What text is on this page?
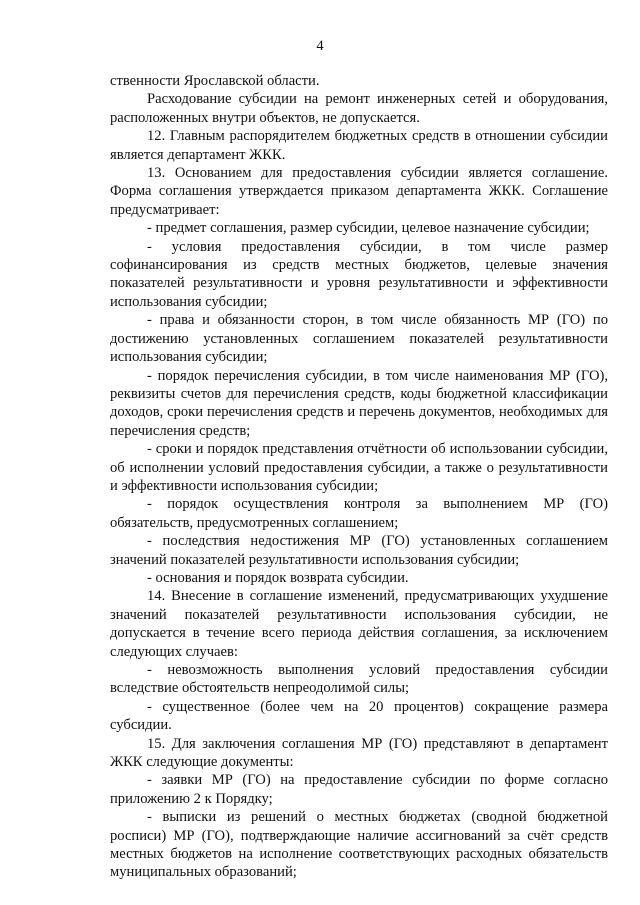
4

ственности Ярославской области.

Расходование субсидии на ремонт инженерных сетей и оборудования, расположенных внутри объектов, не допускается.

12. Главным распорядителем бюджетных средств в отношении субсидии является департамент ЖКК.

13. Основанием для предоставления субсидии является соглашение. Форма соглашения утверждается приказом департамента ЖКК. Соглашение предусматривает:

- предмет соглашения, размер субсидии, целевое назначение субсидии;

- условия предоставления субсидии, в том числе размер софинансирования из средств местных бюджетов, целевые значения показателей результативности и уровня результативности и эффективности использования субсидии;

- права и обязанности сторон, в том числе обязанность МР (ГО) по достижению установленных соглашением показателей результативности использования субсидии;

- порядок перечисления субсидии, в том числе наименования МР (ГО), реквизиты счетов для перечисления средств, коды бюджетной классификации доходов, сроки перечисления средств и перечень документов, необходимых для перечисления средств;

- сроки и порядок представления отчётности об использовании субсидии, об исполнении условий предоставления субсидии, а также о результативности и эффективности использования субсидии;

- порядок осуществления контроля за выполнением МР (ГО) обязательств, предусмотренных соглашением;

- последствия недостижения МР (ГО) установленных соглашением значений показателей результативности использования субсидии;

- основания и порядок возврата субсидии.

14. Внесение в соглашение изменений, предусматривающих ухудшение значений показателей результативности использования субсидии, не допускается в течение всего периода действия соглашения, за исключением следующих случаев:

- невозможность выполнения условий предоставления субсидии вследствие обстоятельств непреодолимой силы;

- существенное (более чем на 20 процентов) сокращение размера субсидии.

15. Для заключения соглашения МР (ГО) представляют в департамент ЖКК следующие документы:

- заявки МР (ГО) на предоставление субсидии по форме согласно приложению 2 к Порядку;

- выписки из решений о местных бюджетах (сводной бюджетной росписи) МР (ГО), подтверждающие наличие ассигнований за счёт средств местных бюджетов на исполнение соответствующих расходных обязательств муниципальных образований;
